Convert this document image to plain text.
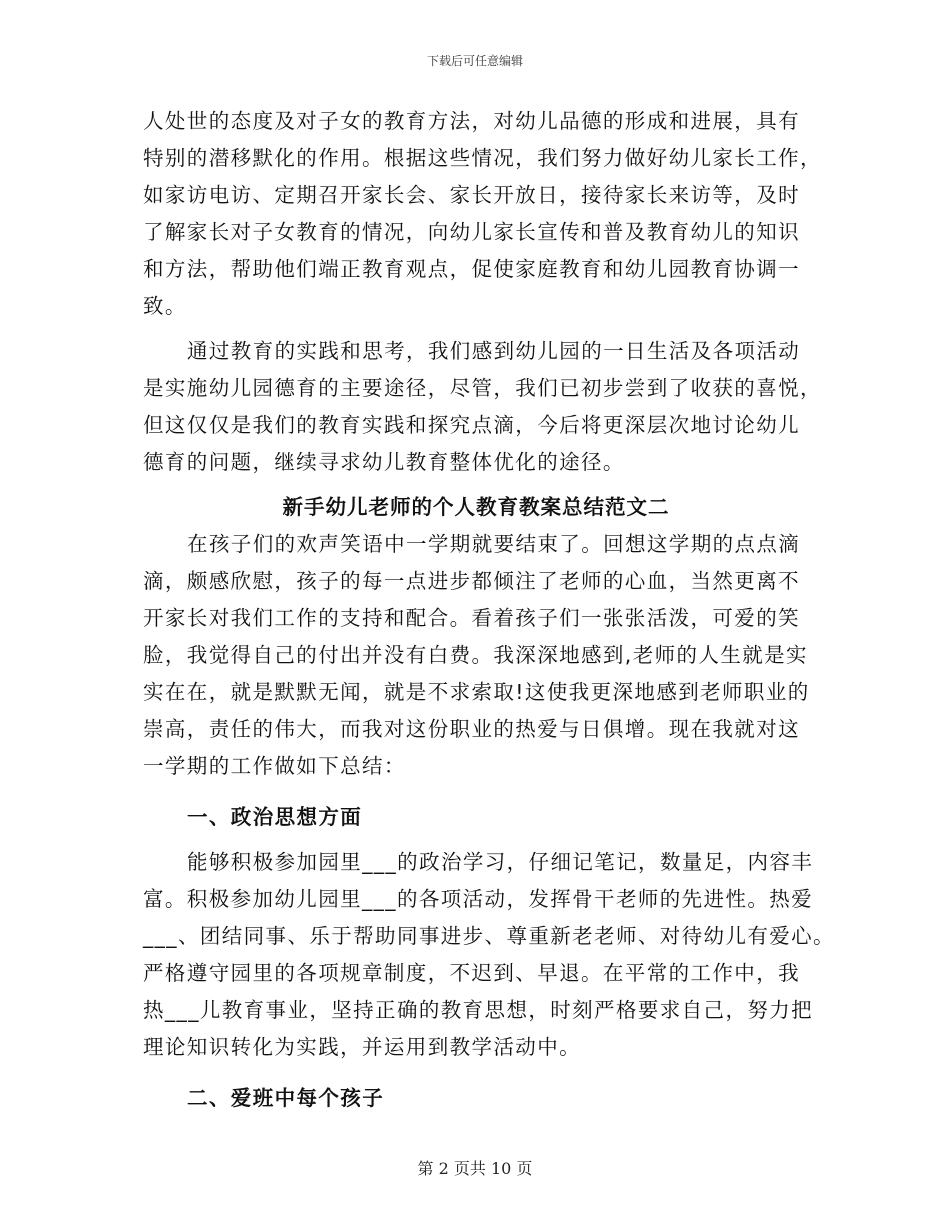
下载后可任意编辑

人处世的态度及对子女的教育方法，对幼儿品德的形成和进展，具有
特别的潜移默化的作用。根据这些情况，我们努力做好幼儿家长工作，
如家访电访、定期召开家长会、家长开放日，接待家长来访等，及时
了解家长对子女教育的情况，向幼儿家长宣传和普及教育幼儿的知识
和方法，帮助他们端正教育观点，促使家庭教育和幼儿园教育协调一
致。

通过教育的实践和思考，我们感到幼儿园的一日生活及各项活动
是实施幼儿园德育的主要途径，尽管，我们已初步尝到了收获的喜悦，
但这仅仅是我们的教育实践和探究点滴，今后将更深层次地讨论幼儿
德育的问题，继续寻求幼儿教育整体优化的途径。

新手幼儿老师的个人教育教案总结范文二

在孩子们的欢声笑语中一学期就要结束了。回想这学期的点点滴
滴，颇感欣慰，孩子的每一点进步都倾注了老师的心血，当然更离不
开家长对我们工作的支持和配合。看着孩子们一张张活泼，可爱的笑
脸，我觉得自己的付出并没有白费。我深深地感到,老师的人生就是实
实在在，就是默默无闻，就是不求索取!这使我更深地感到老师职业的
崇高，责任的伟大，而我对这份职业的热爱与日俱增。现在我就对这
一学期的工作做如下总结：

一、政治思想方面

能够积极参加园里___的政治学习，仔细记笔记，数量足，内容丰
富。积极参加幼儿园里___的各项活动，发挥骨干老师的先进性。热爱
___、团结同事、乐于帮助同事进步、尊重新老老师、对待幼儿有爱心。
严格遵守园里的各项规章制度，不迟到、早退。在平常的工作中，我
热___儿教育事业，坚持正确的教育思想，时刻严格要求自己，努力把
理论知识转化为实践，并运用到教学活动中。

二、爱班中每个孩子

第 2 页共 10 页
